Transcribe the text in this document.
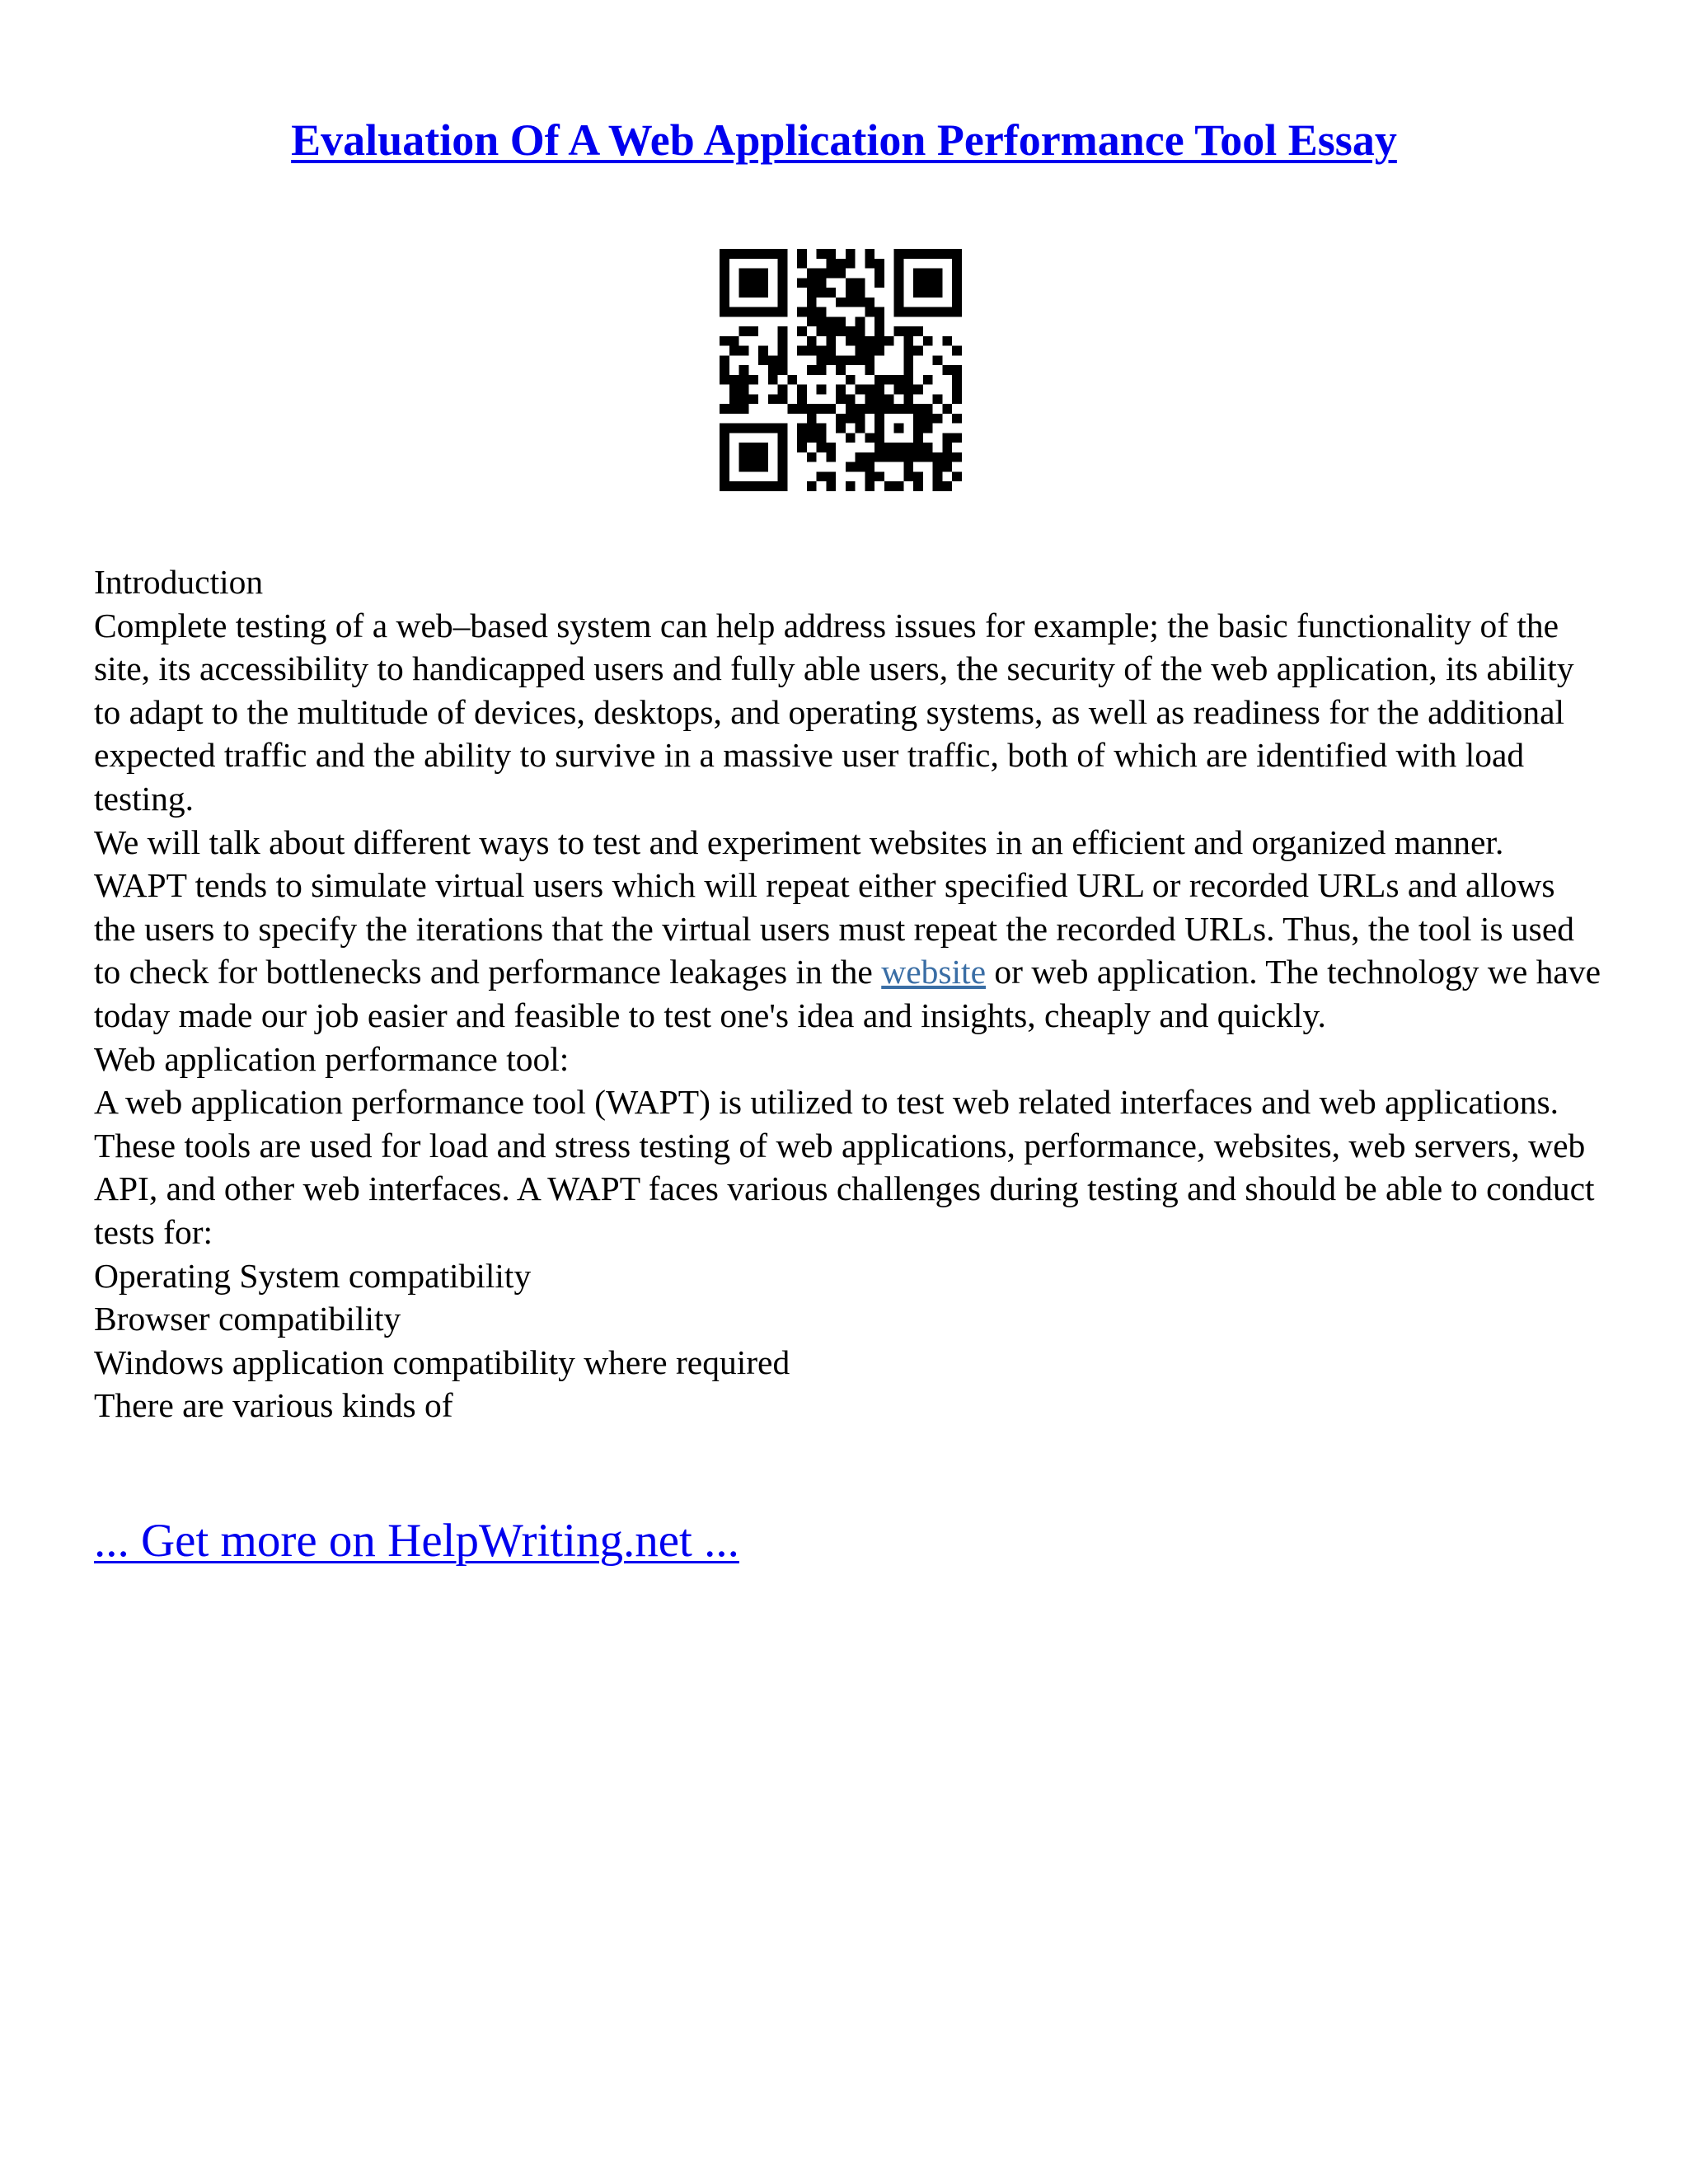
Evaluation Of A Web Application Performance Tool Essay

Introduction

Complete testing of a web–based system can help address issues for example; the basic functionality of the site, its accessibility to handicapped users and fully able users, the security of the web application, its ability to adapt to the multitude of devices, desktops, and operating systems, as well as readiness for the additional expected traffic and the ability to survive in a massive user traffic, both of which are identified with load testing.

We will talk about different ways to test and experiment websites in an efficient and organized manner. WAPT tends to simulate virtual users which will repeat either specified URL or recorded URLs and allows the users to specify the iterations that the virtual users must repeat the recorded URLs. Thus, the tool is used to check for bottlenecks and performance leakages in the website or web application. The technology we have today made our job easier and feasible to test one's idea and insights, cheaply and quickly.

Web application performance tool:

A web application performance tool (WAPT) is utilized to test web related interfaces and web applications. These tools are used for load and stress testing of web applications, performance, websites, web servers, web API, and other web interfaces. A WAPT faces various challenges during testing and should be able to conduct tests for:

Operating System compatibility

Browser compatibility

Windows application compatibility where required

There are various kinds of

... Get more on HelpWriting.net ...
